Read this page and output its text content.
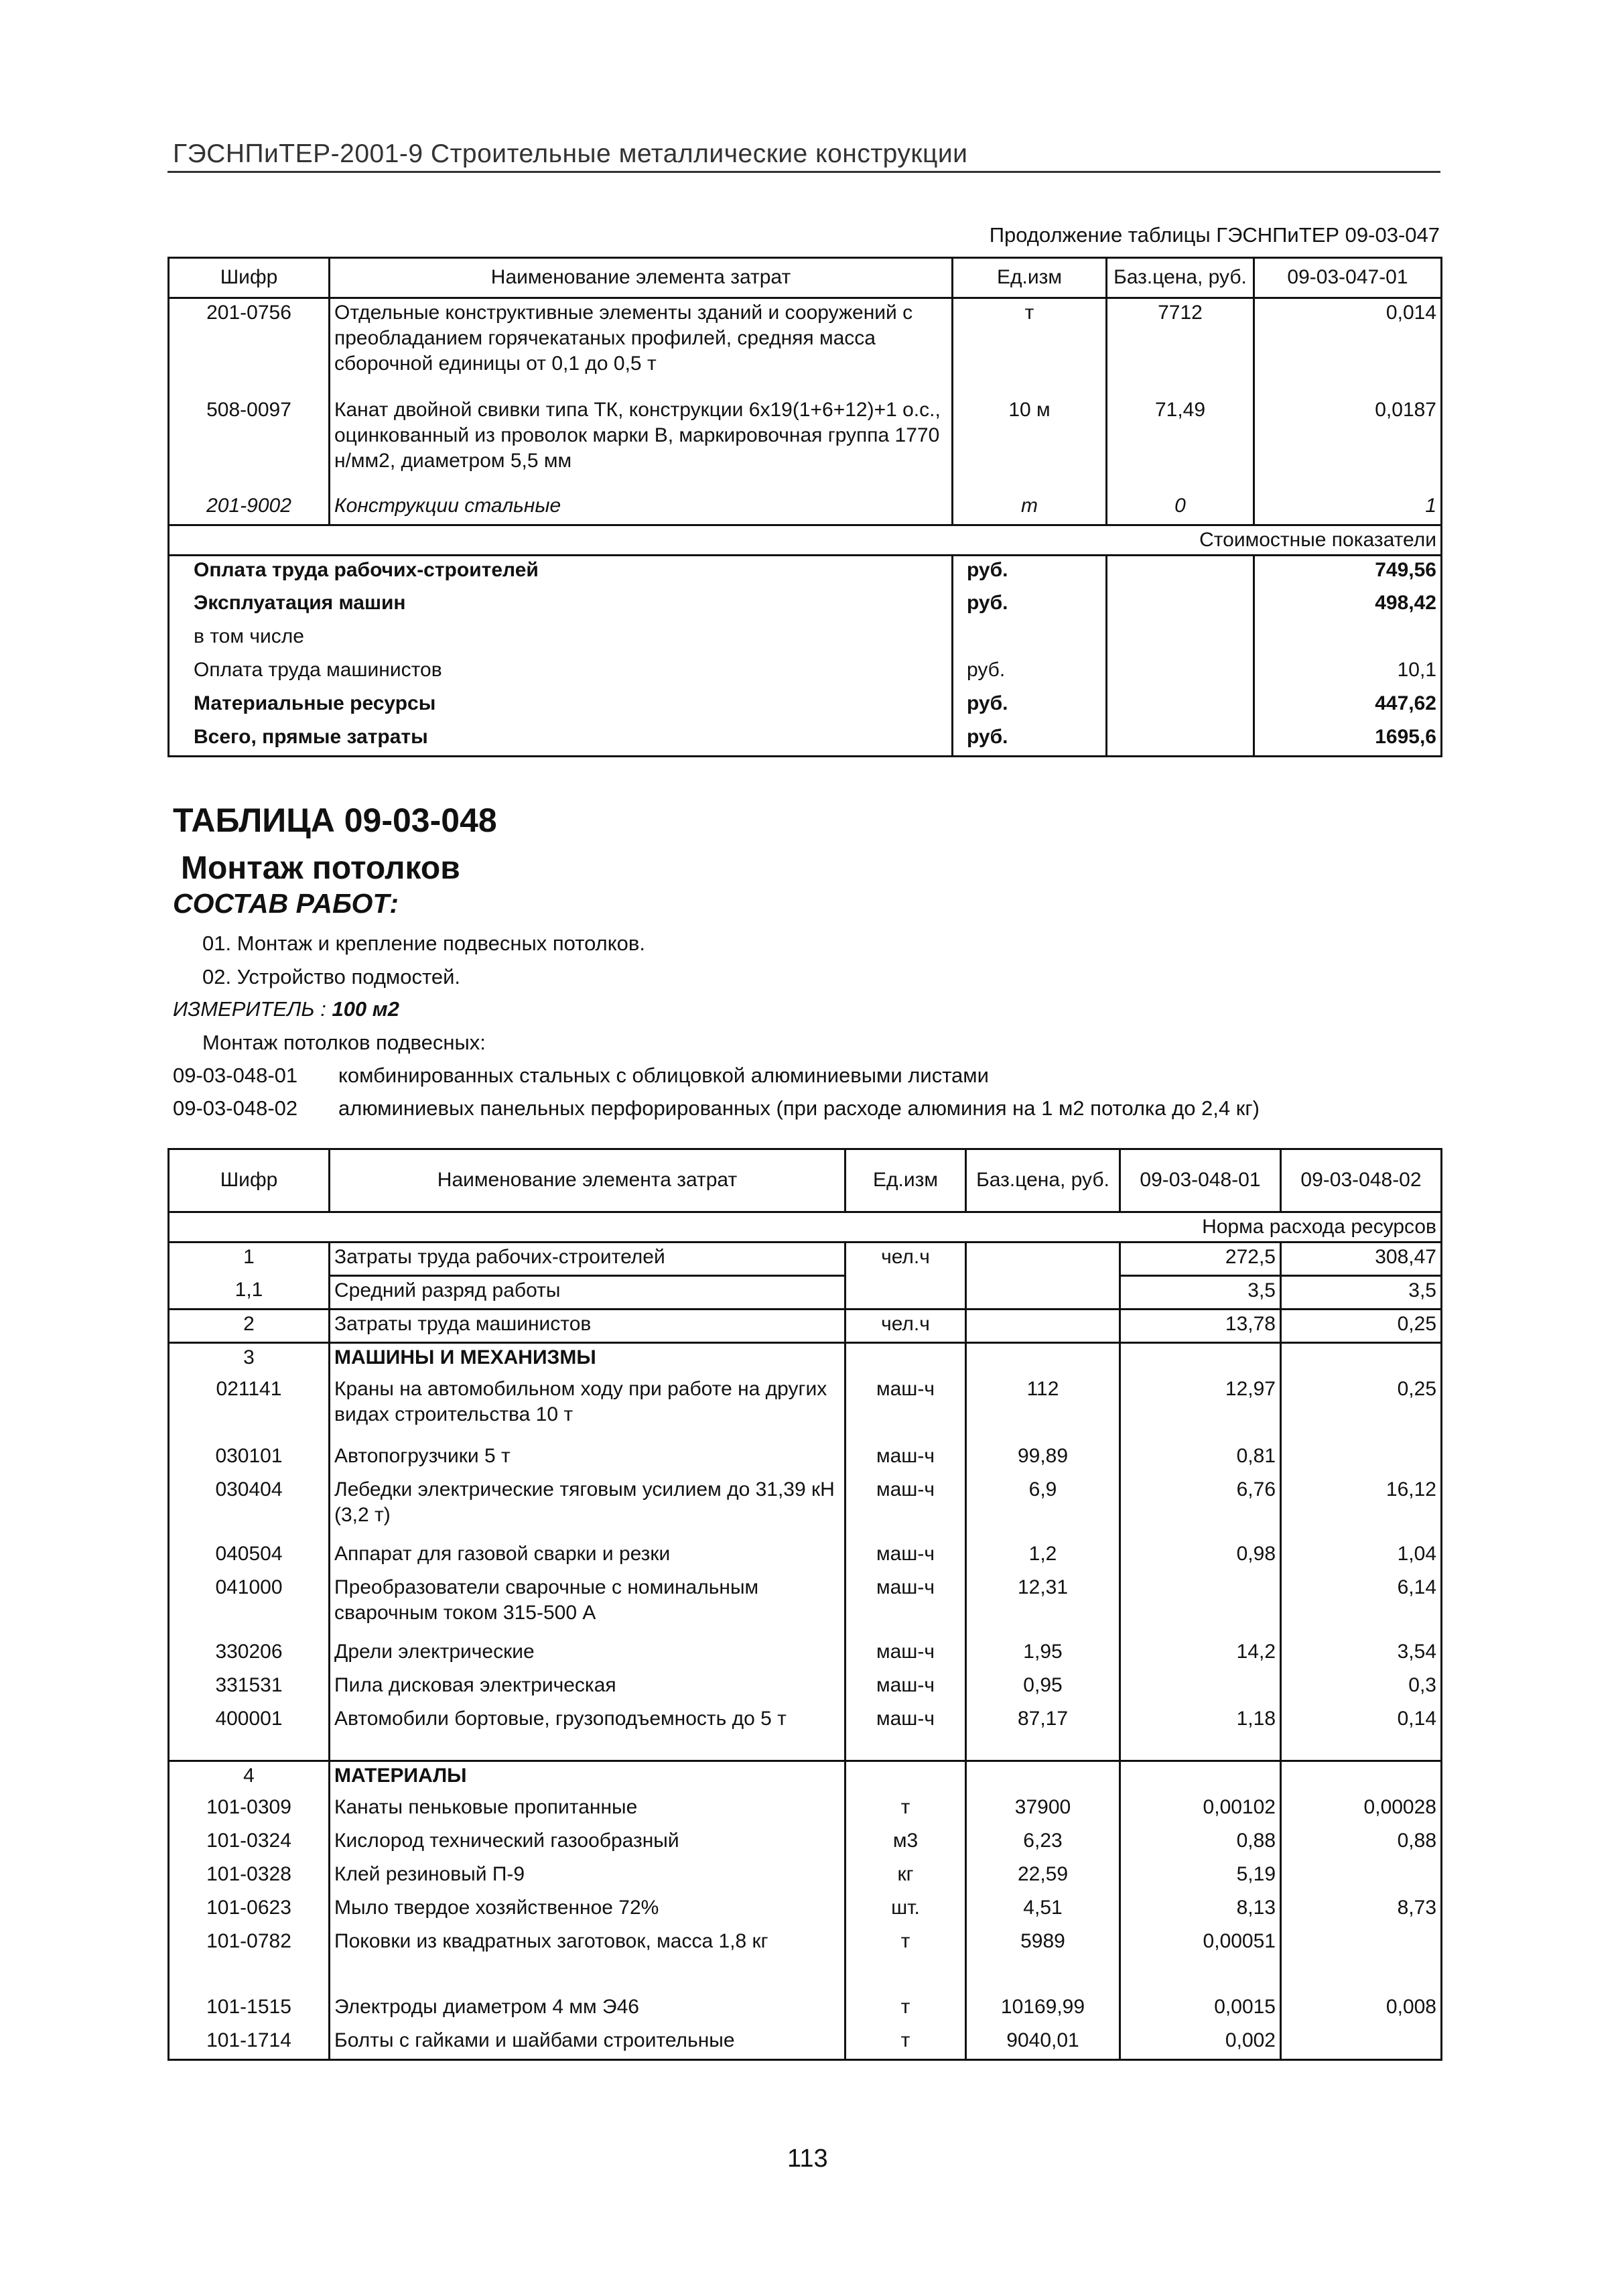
ГЭСНПиТЕР-2001-9 Строительные металлические конструкции
Продолжение таблицы ГЭСНПиТЕР 09-03-047
Шифр	Наименование элемента затрат	Ед.изм	Баз.цена, руб.	09-03-047-01
201-0756	Отдельные конструктивные элементы зданий и сооружений с преобладанием горячекатаных профилей, средняя масса сборочной единицы от 0,1 до 0,5 т	т	7712	0,014
508-0097	Канат двойной свивки типа ТК, конструкции 6х19(1+6+12)+1 о.с., оцинкованный из проволок марки В, маркировочная группа 1770 н/мм2, диаметром 5,5 мм	10 м	71,49	0,0187
201-9002	Конструкции стальные	т	0	1
Стоимостные показатели				
Оплата труда рабочих-строителей		руб.		749,56
Эксплуатация машин		руб.		498,42
в том числе				
Оплата труда машинистов		руб.		10,1
Материальные ресурсы		руб.		447,62
Всего, прямые затраты		руб.		1695,6
ТАБЛИЦА 09-03-048
Монтаж потолков
СОСТАВ РАБОТ:
01. Монтаж и крепление подвесных потолков.
02. Устройство подмостей.
ИЗМЕРИТЕЛЬ : 100 м2
Монтаж потолков подвесных:
09-03-048-01 комбинированных стальных с облицовкой алюминиевыми листами
09-03-048-02 алюминиевых панельных перфорированных (при расходе алюминия на 1 м2 потолка до 2,4 кг)
Шифр	Наименование элемента затрат	Ед.изм	Баз.цена, руб.	09-03-048-01	09-03-048-02
Норма расхода ресурсов					
1	Затраты труда рабочих-строителей	чел.ч		272,5	308,47
1,1	Средний разряд работы			3,5	3,5
2	Затраты труда машинистов	чел.ч		13,78	0,25
3	МАШИНЫ И МЕХАНИЗМЫ				
021141	Краны на автомобильном ходу при работе на других видах строительства 10 т	маш-ч	112	12,97	0,25
030101	Автопогрузчики 5 т	маш-ч	99,89	0,81	
030404	Лебедки электрические тяговым усилием до 31,39 кН (3,2 т)	маш-ч	6,9	6,76	16,12
040504	Аппарат для газовой сварки и резки	маш-ч	1,2	0,98	1,04
041000	Преобразователи сварочные с номинальным сварочным током 315-500 А	маш-ч	12,31		6,14
330206	Дрели электрические	маш-ч	1,95	14,2	3,54
331531	Пила дисковая электрическая	маш-ч	0,95		0,3
400001	Автомобили бортовые, грузоподъемность до 5 т	маш-ч	87,17	1,18	0,14
4	МАТЕРИАЛЫ				
101-0309	Канаты пеньковые пропитанные	т	37900	0,00102	0,00028
101-0324	Кислород технический газообразный	м3	6,23	0,88	0,88
101-0328	Клей резиновый П-9	кг	22,59	5,19	
101-0623	Мыло твердое хозяйственное 72%	шт.	4,51	8,13	8,73
101-0782	Поковки из квадратных заготовок, масса 1,8 кг	т	5989	0,00051	
101-1515	Электроды диаметром 4 мм Э46	т	10169,99	0,0015	0,008
101-1714	Болты с гайками и шайбами строительные	т	9040,01	0,002	
113
